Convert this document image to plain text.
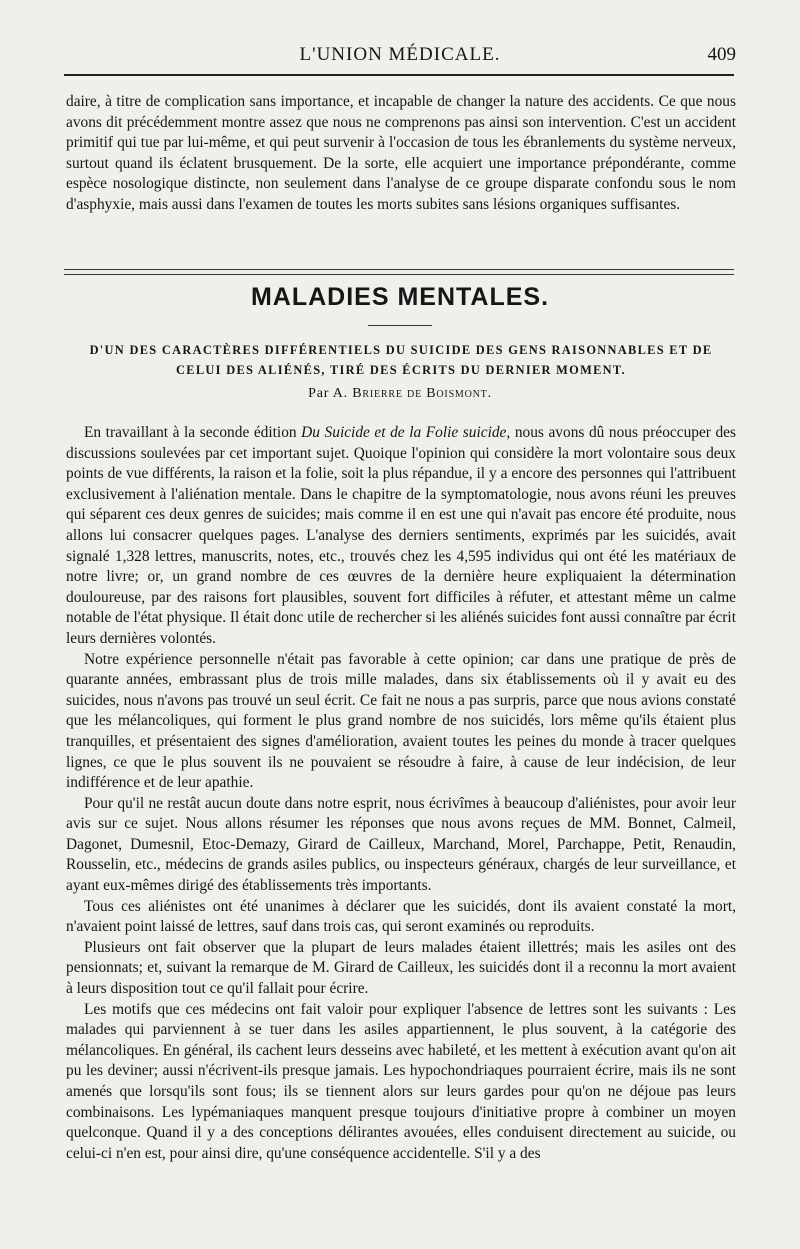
L'UNION MÉDICALE.	409

daire, à titre de complication sans importance, et incapable de changer la nature des accidents. Ce que nous avons dit précédemment montre assez que nous ne comprenons pas ainsi son intervention. C'est un accident primitif qui tue par lui-même, et qui peut survenir à l'occasion de tous les ébranlements du système nerveux, surtout quand ils éclatent brusquement. De la sorte, elle acquiert une importance prépondérante, comme espèce nosologique distincte, non seulement dans l'analyse de ce groupe disparate confondu sous le nom d'asphyxie, mais aussi dans l'examen de toutes les morts subites sans lésions organiques suffisantes.

MALADIES MENTALES.
D'UN DES CARACTÈRES DIFFÉRENTIELS DU SUICIDE DES GENS RAISONNABLES ET DE
CELUI DES ALIÉNÉS, TIRÉ DES ÉCRITS DU DERNIER MOMENT.
Par A. Brierre de Boismont.

En travaillant à la seconde édition Du Suicide et de la Folie suicide, nous avons dû nous préoccuper des discussions soulevées par cet important sujet. Quoique l'opinion qui considère la mort volontaire sous deux points de vue différents, la raison et la folie, soit la plus répandue, il y a encore des personnes qui l'attribuent exclusivement à l'aliénation mentale. Dans le chapitre de la symptomatologie, nous avons réuni les preuves qui séparent ces deux genres de suicides; mais comme il en est une qui n'avait pas encore été produite, nous allons lui consacrer quelques pages. L'analyse des derniers sentiments, exprimés par les suicidés, avait signalé 1,328 lettres, manuscrits, notes, etc., trouvés chez les 4,595 individus qui ont été les matériaux de notre livre; or, un grand nombre de ces œuvres de la dernière heure expliquaient la détermination douloureuse, par des raisons fort plausibles, souvent fort difficiles à réfuter, et attestant même un calme notable de l'état physique. Il était donc utile de rechercher si les aliénés suicides font aussi connaître par écrit leurs dernières volontés.

Notre expérience personnelle n'était pas favorable à cette opinion; car dans une pratique de près de quarante années, embrassant plus de trois mille malades, dans six établissements où il y avait eu des suicides, nous n'avons pas trouvé un seul écrit. Ce fait ne nous a pas surpris, parce que nous avions constaté que les mélancoliques, qui forment le plus grand nombre de nos suicidés, lors même qu'ils étaient plus tranquilles, et présentaient des signes d'amélioration, avaient toutes les peines du monde à tracer quelques lignes, ce que le plus souvent ils ne pouvaient se résoudre à faire, à cause de leur indécision, de leur indifférence et de leur apathie.

Pour qu'il ne restât aucun doute dans notre esprit, nous écrivîmes à beaucoup d'aliénistes, pour avoir leur avis sur ce sujet. Nous allons résumer les réponses que nous avons reçues de MM. Bonnet, Calmeil, Dagonet, Dumesnil, Etoc-Demazy, Girard de Cailleux, Marchand, Morel, Parchappe, Petit, Renaudin, Rousselin, etc., médecins de grands asiles publics, ou inspecteurs généraux, chargés de leur surveillance, et ayant eux-mêmes dirigé des établissements très importants.

Tous ces aliénistes ont été unanimes à déclarer que les suicidés, dont ils avaient constaté la mort, n'avaient point laissé de lettres, sauf dans trois cas, qui seront examinés ou reproduits.

Plusieurs ont fait observer que la plupart de leurs malades étaient illettrés; mais les asiles ont des pensionnats; et, suivant la remarque de M. Girard de Cailleux, les suicidés dont il a reconnu la mort avaient à leurs disposition tout ce qu'il fallait pour écrire.

Les motifs que ces médecins ont fait valoir pour expliquer l'absence de lettres sont les suivants : Les malades qui parviennent à se tuer dans les asiles appartiennent, le plus souvent, à la catégorie des mélancoliques. En général, ils cachent leurs desseins avec habileté, et les mettent à exécution avant qu'on ait pu les deviner; aussi n'écrivent-ils presque jamais. Les hypochondriaques pourraient écrire, mais ils ne sont amenés que lorsqu'ils sont fous; ils se tiennent alors sur leurs gardes pour qu'on ne déjoue pas leurs combinaisons. Les lypémaniaques manquent presque toujours d'initiative propre à combiner un moyen quelconque. Quand il y a des conceptions délirantes avouées, elles conduisent directement au suicide, ou celui-ci n'en est, pour ainsi dire, qu'une conséquence accidentelle. S'il y a des
